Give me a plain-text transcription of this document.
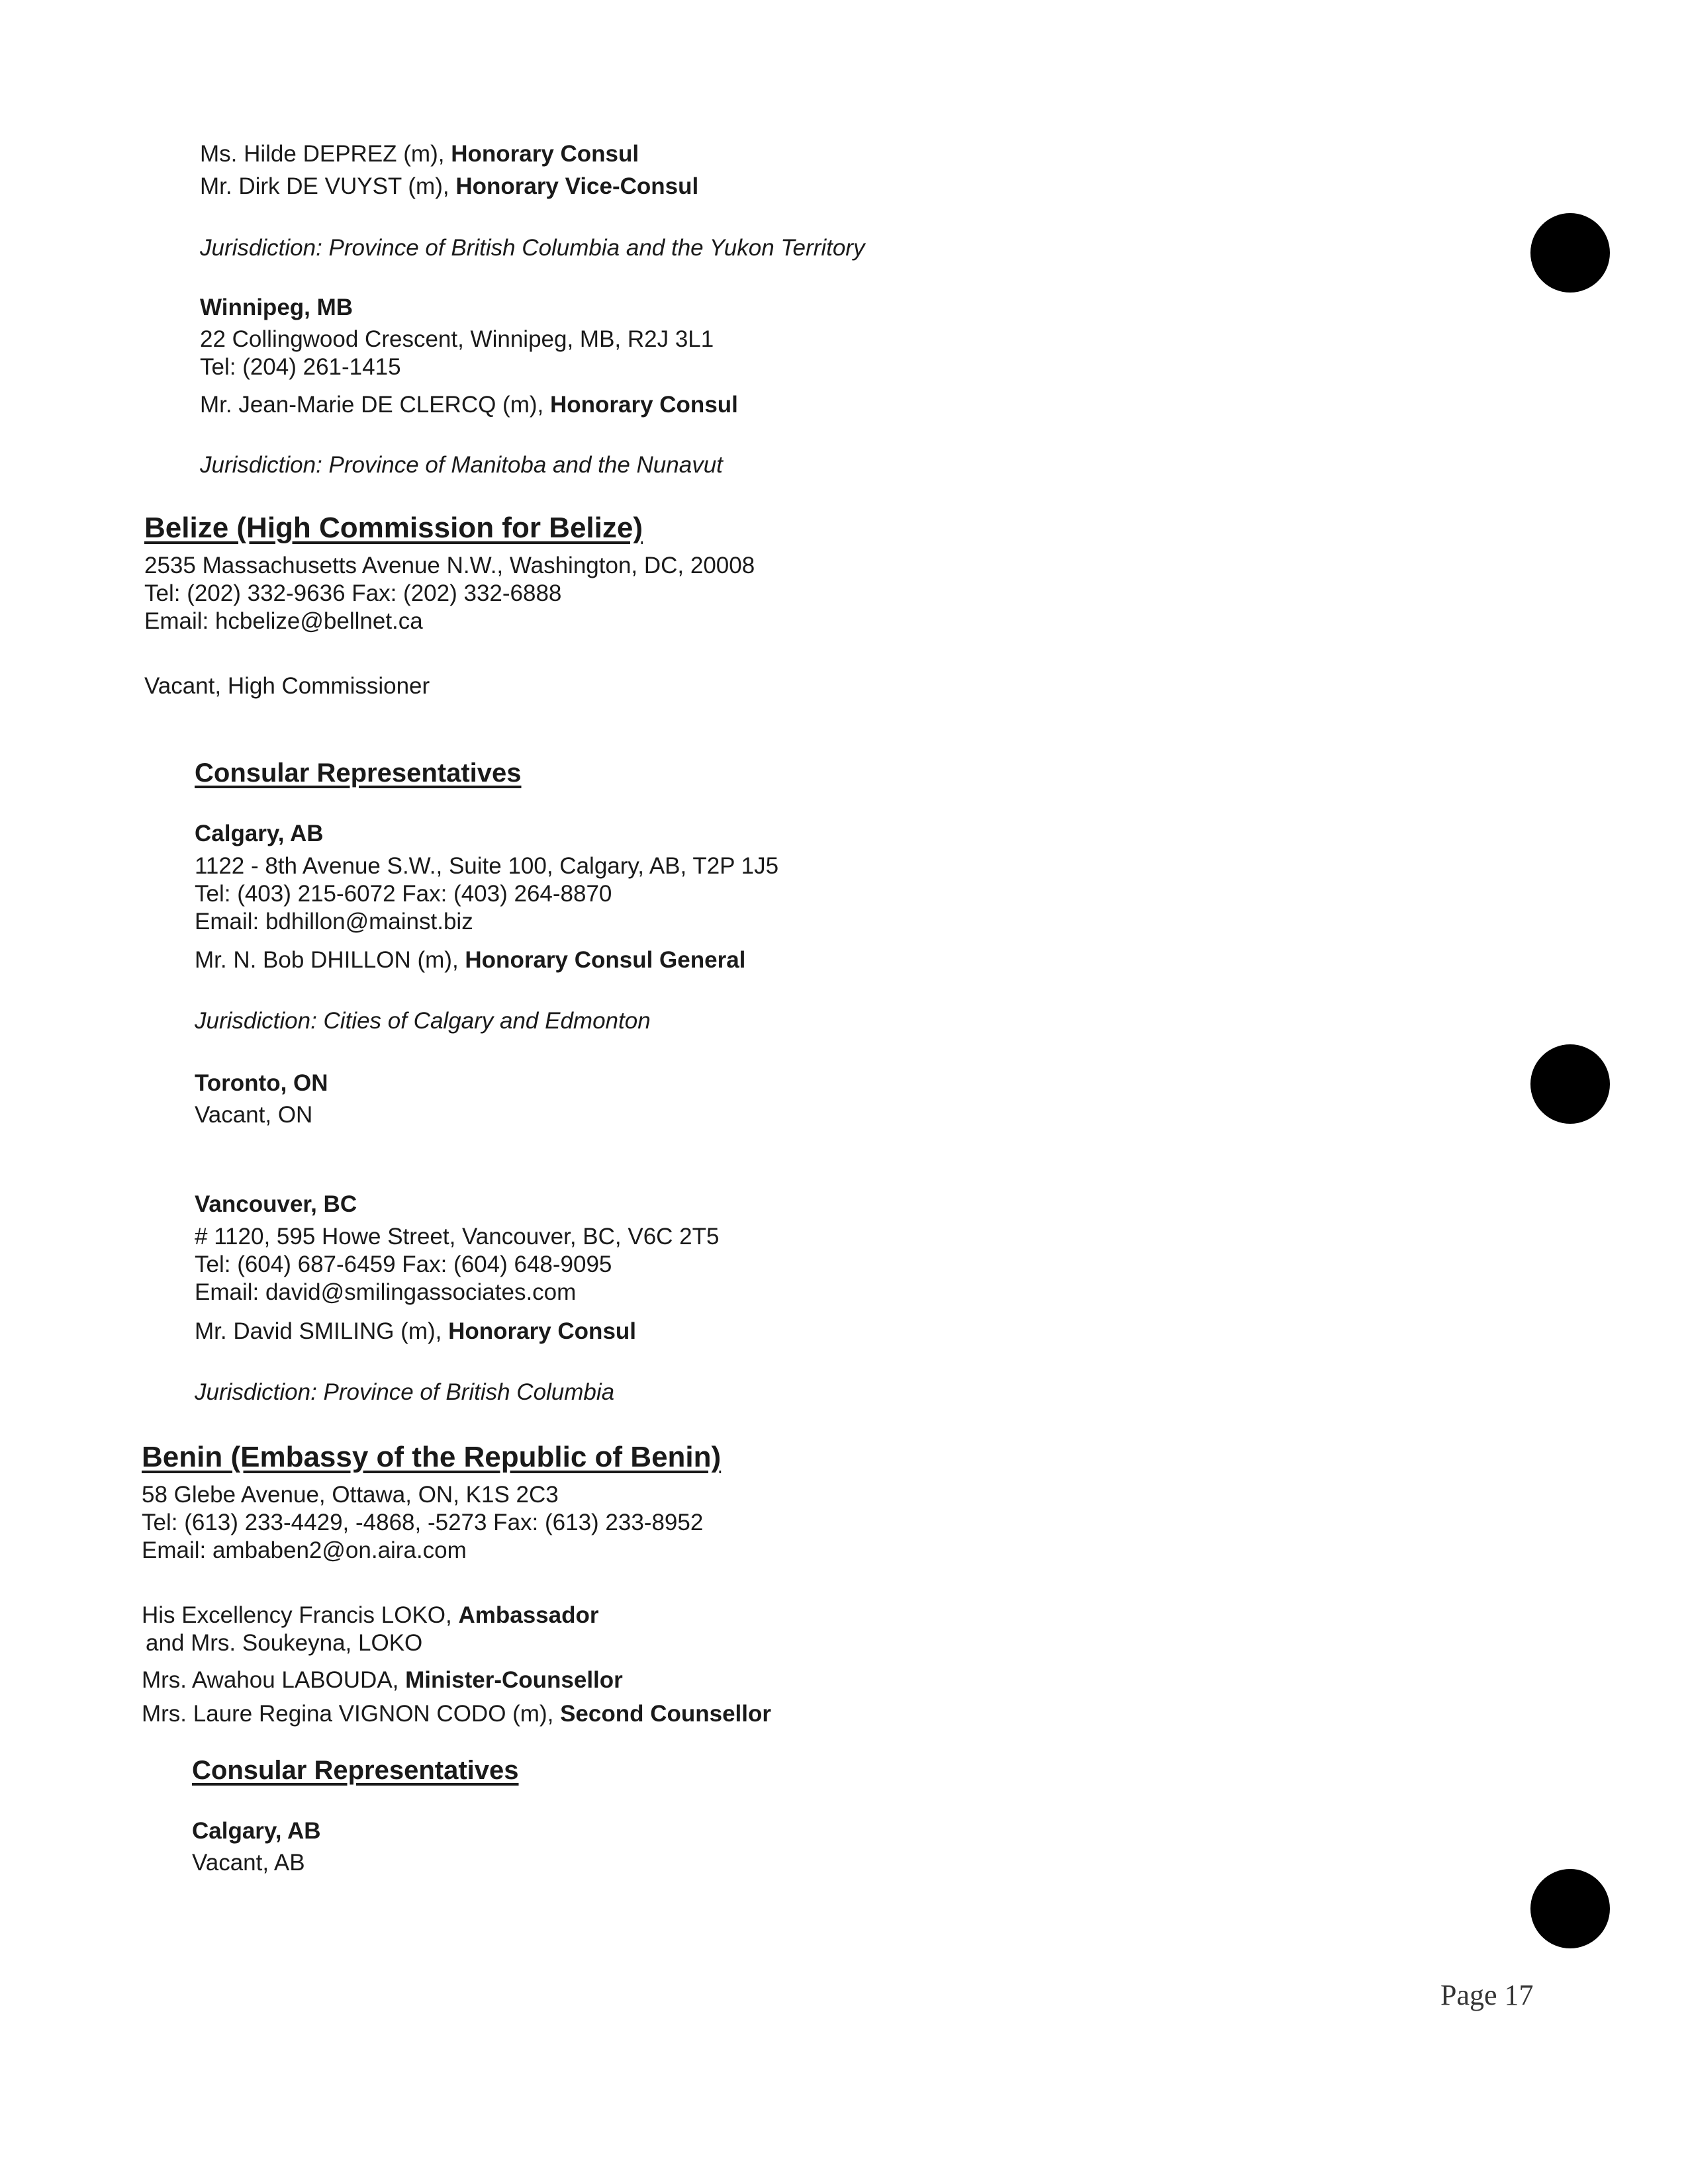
Ms. Hilde DEPREZ (m), Honorary Consul
Mr. Dirk DE VUYST (m), Honorary Vice-Consul
Jurisdiction: Province of British Columbia and the Yukon Territory
Winnipeg, MB
22 Collingwood Crescent, Winnipeg, MB, R2J 3L1
Tel: (204) 261-1415
Mr. Jean-Marie DE CLERCQ (m), Honorary Consul
Jurisdiction: Province of Manitoba and the Nunavut
Belize (High Commission for Belize)
2535 Massachusetts Avenue N.W., Washington, DC, 20008
Tel: (202) 332-9636 Fax: (202) 332-6888
Email: hcbelize@bellnet.ca
Vacant, High Commissioner
Consular Representatives
Calgary, AB
1122 - 8th Avenue S.W., Suite 100, Calgary, AB, T2P 1J5
Tel: (403) 215-6072 Fax: (403) 264-8870
Email: bdhillon@mainst.biz
Mr. N. Bob DHILLON (m), Honorary Consul General
Jurisdiction: Cities of Calgary and Edmonton
Toronto, ON
Vacant, ON
Vancouver, BC
# 1120, 595 Howe Street, Vancouver, BC, V6C 2T5
Tel: (604) 687-6459 Fax: (604) 648-9095
Email: david@smilingassociates.com
Mr. David SMILING (m), Honorary Consul
Jurisdiction: Province of British Columbia
Benin (Embassy of the Republic of Benin)
58 Glebe Avenue, Ottawa, ON, K1S 2C3
Tel: (613) 233-4429, -4868, -5273 Fax: (613) 233-8952
Email: ambaben2@on.aira.com
His Excellency Francis LOKO, Ambassador
and Mrs. Soukeyna, LOKO
Mrs. Awahou LABOUDA, Minister-Counsellor
Mrs. Laure Regina VIGNON CODO (m), Second Counsellor
Consular Representatives
Calgary, AB
Vacant, AB
Page 17
